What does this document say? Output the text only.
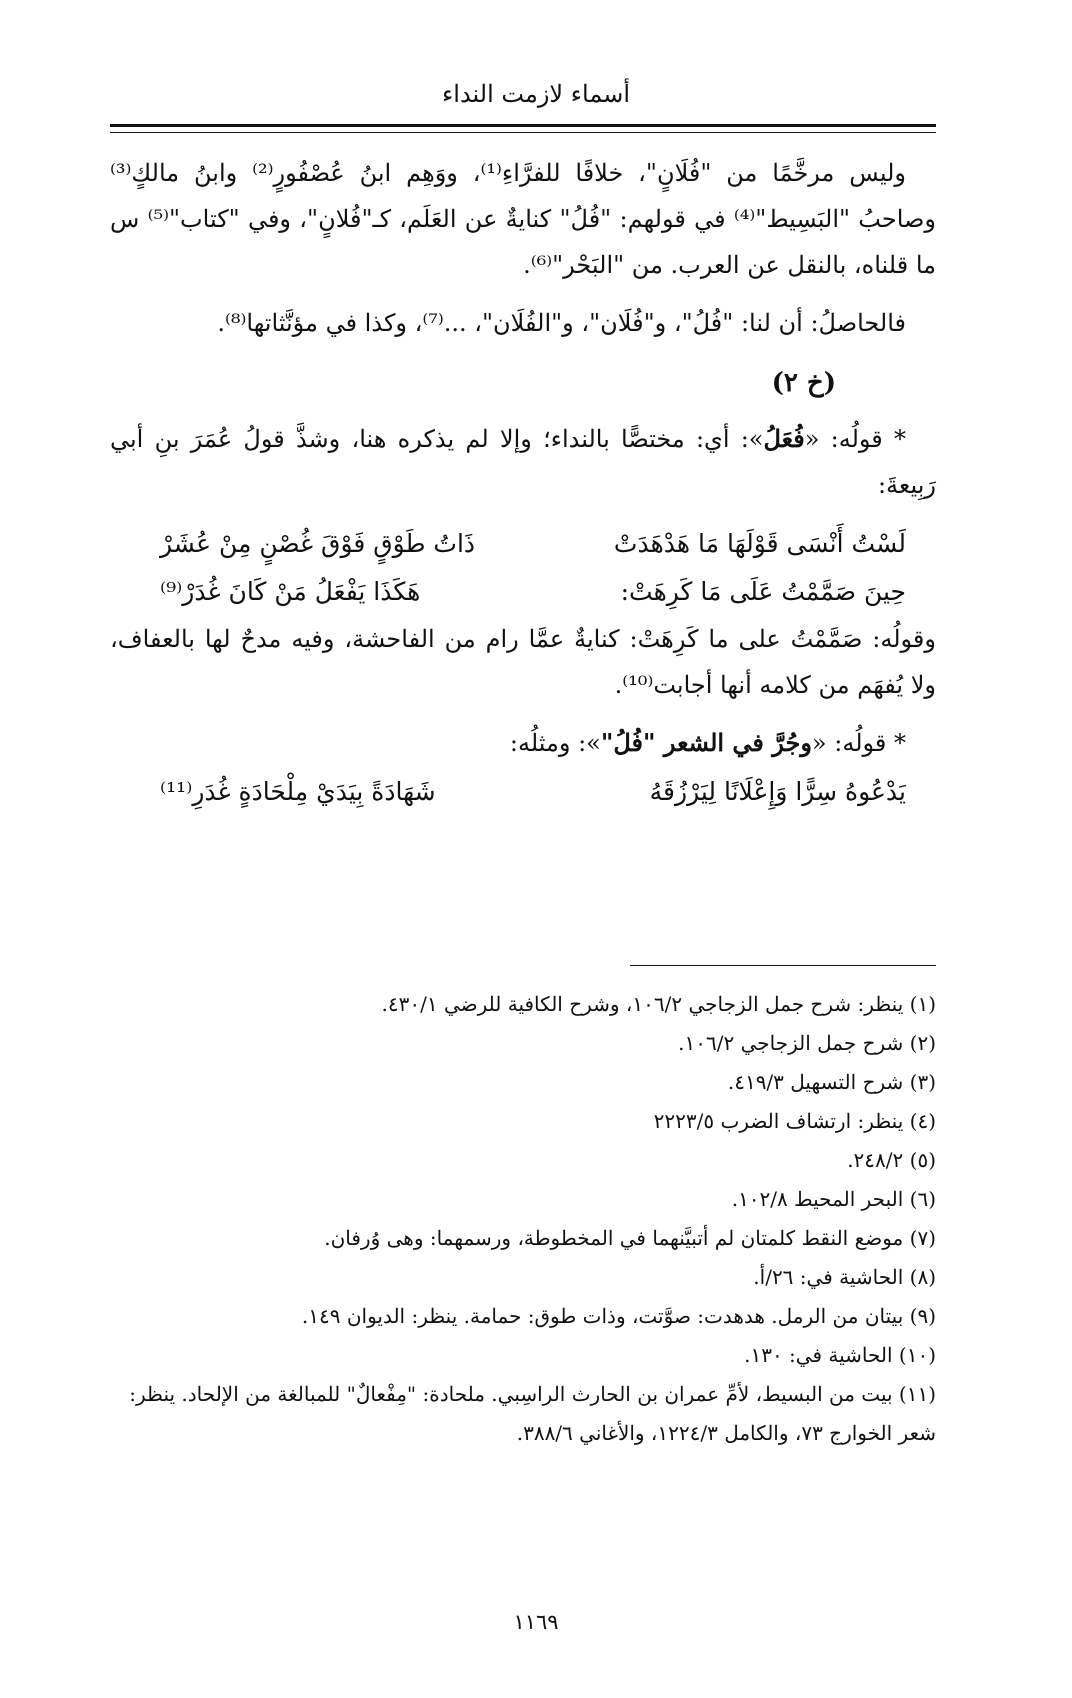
أسماء لازمت النداء

وليس مرخَّمًا من "فُلَانٍ"، خلافًا للفرَّاءِ⁽¹⁾، ووَهِم ابنُ عُصْفُورٍ⁽²⁾ وابنُ مالكٍ⁽³⁾ وصاحبُ "البَسِيط"⁽⁴⁾ في قولهم: "فُلُ" كنايةٌ عن العَلَم، كـ"فُلانٍ"، وفي "كتاب"⁽⁵⁾ س ما قلناه، بالنقل عن العرب. من "البَحْر"⁽⁶⁾.

فالحاصلُ: أن لنا: "فُلُ"، و"فُلَان"، و"الفُلَان"، ...⁽⁷⁾، وكذا في مؤنَّثاتها⁽⁸⁾.

(خ ٢)

* قولُه: «فُعَلُ»: أي: مختصًّا بالنداء؛ وإلا لم يذكره هنا، وشذَّ قولُ عُمَرَ بنِ أبي رَبِيعةَ:

لَسْتُ أَنْسَى قَوْلَهَا مَا هَدْهَدَتْ
ذَاتُ طَوْقٍ فَوْقَ غُصْنٍ مِنْ عُشَرْ
حِينَ صَمَّمْتُ عَلَى مَا كَرِهَتْ:
هَكَذَا يَفْعَلُ مَنْ كَانَ غُدَرْ⁽⁹⁾

وقولُه: صَمَّمْتُ على ما كَرِهَتْ: كنايةٌ عمَّا رام من الفاحشة، وفيه مدحٌ لها بالعفاف، ولا يُفهَم من كلامه أنها أجابت⁽¹⁰⁾.

* قولُه: «وجُرَّ في الشعر "فُلُ"»: ومثلُه:

يَدْعُوهُ سِرًّا وَإِعْلَانًا لِيَرْزُقَهُ
شَهَادَةً بِيَدَيْ مِلْحَادَةٍ غُدَرِ⁽¹¹⁾

(١) ينظر: شرح جمل الزجاجي ١٠٦/٢، وشرح الكافية للرضي ٤٣٠/١.

(٢) شرح جمل الزجاجي ١٠٦/٢.

(٣) شرح التسهيل ٤١٩/٣.

(٤) ينظر: ارتشاف الضرب ٢٢٢٣/٥

(٥) ٢٤٨/٢.

(٦) البحر المحيط ١٠٢/٨.

(٧) موضع النقط كلمتان لم أتبيَّنهما في المخطوطة، ورسمهما: وهى وُرفان.

(٨) الحاشية في: ٢٦/أ.

(٩) بيتان من الرمل. هدهدت: صوَّتت، وذات طوق: حمامة. ينظر: الديوان ١٤٩.

(١٠) الحاشية في: ١٣٠.

(١١) بيت من البسيط، لأمِّ عمران بن الحارث الراسِبي. ملحادة: "مِفْعالٌ" للمبالغة من الإلحاد. ينظر: شعر الخوارج ٧٣، والكامل ١٢٢٤/٣، والأغاني ٣٨٨/٦.

١١٦٩
